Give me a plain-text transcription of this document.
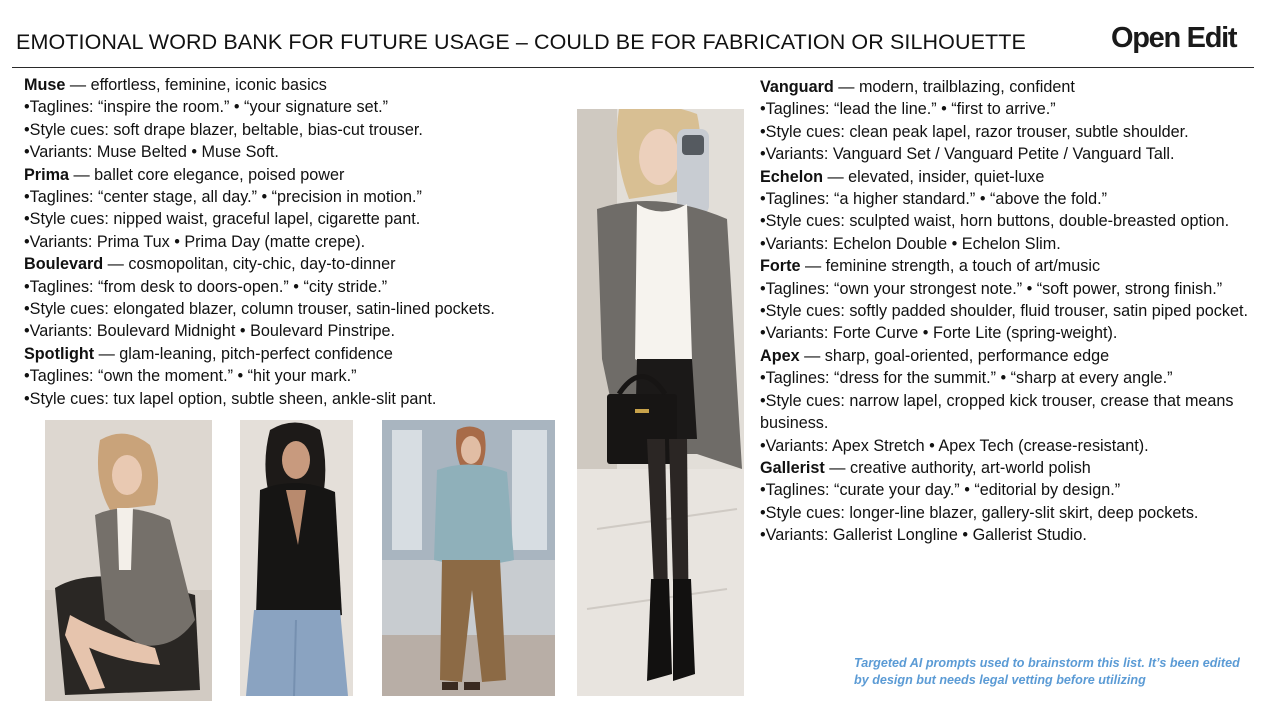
EMOTIONAL WORD BANK FOR FUTURE USAGE – COULD BE FOR FABRICATION OR SILHOUETTE	Open Edit

Muse — effortless, feminine, iconic basics

•Taglines: “inspire the room.” • “your signature set.”

•Style cues: soft drape blazer, beltable, bias-cut trouser.

•Variants: Muse Belted • Muse Soft.

Prima — ballet core elegance, poised power

•Taglines: “center stage, all day.” • “precision in motion.”

•Style cues: nipped waist, graceful lapel, cigarette pant.

•Variants: Prima Tux • Prima Day (matte crepe).

Boulevard — cosmopolitan, city-chic, day-to-dinner

•Taglines: “from desk to doors-open.” • “city stride.”

•Style cues: elongated blazer, column trouser, satin-lined pockets.

•Variants: Boulevard Midnight • Boulevard Pinstripe.

Spotlight — glam-leaning, pitch-perfect confidence

•Taglines: “own the moment.” • “hit your mark.”

•Style cues: tux lapel option, subtle sheen, ankle-slit pant.

Vanguard — modern, trailblazing, confident

•Taglines: “lead the line.” • “first to arrive.”

•Style cues: clean peak lapel, razor trouser, subtle shoulder.

•Variants: Vanguard Set / Vanguard Petite / Vanguard Tall.

Echelon — elevated, insider, quiet-luxe

•Taglines: “a higher standard.” • “above the fold.”

•Style cues: sculpted waist, horn buttons, double-breasted option.

•Variants: Echelon Double • Echelon Slim.

Forte — feminine strength, a touch of art/music

•Taglines: “own your strongest note.” • “soft power, strong finish.”

•Style cues: softly padded shoulder, fluid trouser, satin piped pocket.

•Variants: Forte Curve • Forte Lite (spring-weight).

Apex — sharp, goal-oriented, performance edge

•Taglines: “dress for the summit.” • “sharp at every angle.”

•Style cues: narrow lapel, cropped kick trouser, crease that means business.

•Variants: Apex Stretch • Apex Tech (crease-resistant).

Gallerist — creative authority, art-world polish

•Taglines: “curate your day.” • “editorial by design.”

•Style cues: longer-line blazer, gallery-slit skirt, deep pockets.

•Variants: Gallerist Longline • Gallerist Studio.

Targeted AI prompts used to brainstorm this list. It’s been edited by design but needs legal vetting before utilizing
